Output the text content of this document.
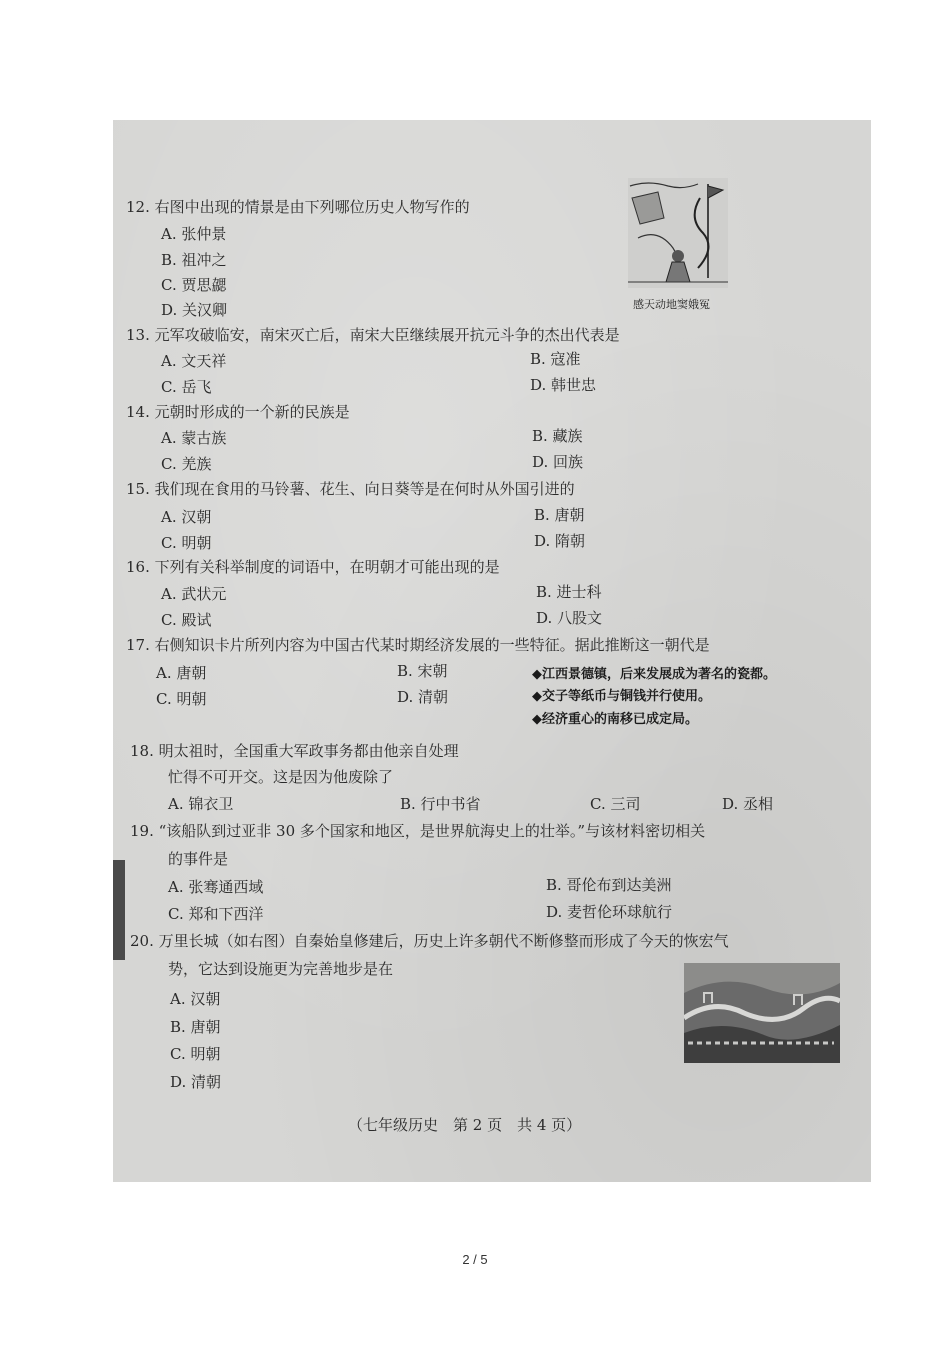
12. 右图中出现的情景是由下列哪位历史人物写作的
A. 张仲景
B. 祖冲之
C. 贾思勰
D. 关汉卿	感天动地窦娥冤
13. 元军攻破临安，南宋灭亡后，南宋大臣继续展开抗元斗争的杰出代表是
A. 文天祥	B. 寇准
C. 岳飞	D. 韩世忠
14. 元朝时形成的一个新的民族是
A. 蒙古族	B. 藏族
C. 羌族	D. 回族
15. 我们现在食用的马铃薯、花生、向日葵等是在何时从外国引进的
A. 汉朝	B. 唐朝
C. 明朝	D. 隋朝
16. 下列有关科举制度的词语中，在明朝才可能出现的是
A. 武状元	B. 进士科
C. 殿试	D. 八股文
17. 右侧知识卡片所列内容为中国古代某时期经济发展的一些特征。据此推断这一朝代是
A. 唐朝	B. 宋朝
C. 明朝	D. 清朝
◆江西景德镇，后来发展成为著名的瓷都。
◆交子等纸币与铜钱并行使用。
◆经济重心的南移已成定局。
18. 明太祖时，全国重大军政事务都由他亲自处理
忙得不可开交。这是因为他废除了
A. 锦衣卫	B. 行中书省	C. 三司	D. 丞相
19. “该船队到过亚非 30 多个国家和地区，是世界航海史上的壮举。”与该材料密切相关
的事件是
A. 张骞通西域	B. 哥伦布到达美洲
C. 郑和下西洋	D. 麦哲伦环球航行
20. 万里长城（如右图）自秦始皇修建后，历史上许多朝代不断修整而形成了今天的恢宏气
势，它达到设施更为完善地步是在
A. 汉朝
B. 唐朝
C. 明朝
D. 清朝
（七年级历史　第 2 页　共 4 页）
2 / 5
